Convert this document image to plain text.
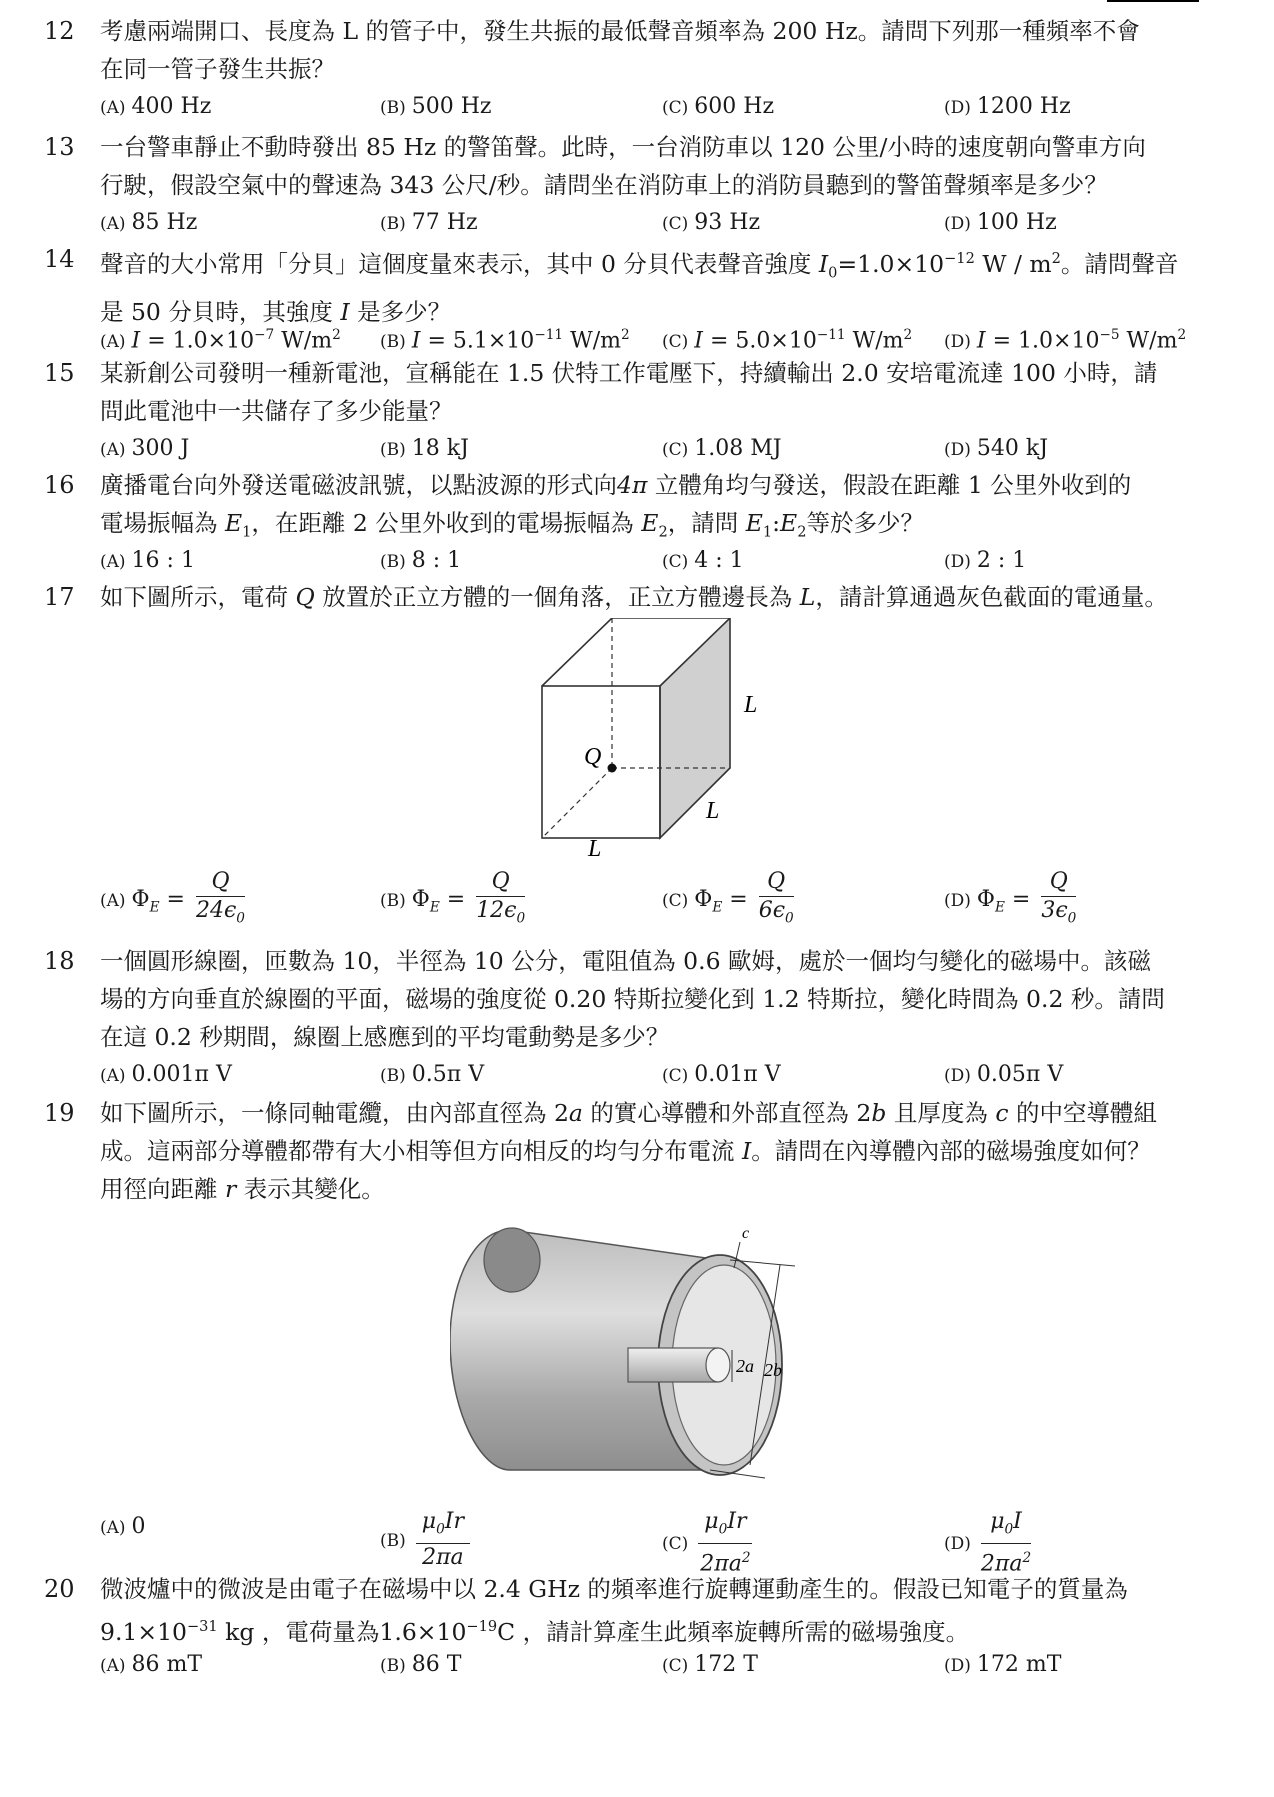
12 考慮兩端開口、長度為 L 的管子中，發生共振的最低聲音頻率為 200 Hz。請問下列那一種頻率不會
在同一管子發生共振？
(A) 400 Hz	(B) 500 Hz	(C) 600 Hz	(D) 1200 Hz
13 一台警車靜止不動時發出 85 Hz 的警笛聲。此時，一台消防車以 120 公里/小時的速度朝向警車方向
行駛，假設空氣中的聲速為 343 公尺/秒。請問坐在消防車上的消防員聽到的警笛聲頻率是多少？
(A) 85 Hz	(B) 77 Hz	(C) 93 Hz	(D) 100 Hz
14 聲音的大小常用「分貝」這個度量來表示，其中 0 分貝代表聲音強度 $I_0=1.0\times 10^{-12}$ W / $m^2$。請問聲音
是 50 分貝時，其強度 I 是多少？
(A) $I = 1.0\times 10^{-7}$ $W/m^2$ (B) $I = 5.1\times 10^{-11}$ $W/m^2$ (C) $I = 5.0\times 10^{-11}$ $W/m^2$ (D) $I = 1.0\times 10^{-5}$ $W/m^2$
15 某新創公司發明一種新電池，宣稱能在 1.5 伏特工作電壓下，持續輸出 2.0 安培電流達 100 小時，請
問此電池中一共儲存了多少能量？
(A) 300 J	(B) 18 kJ	(C) 1.08 MJ	(D) 540 kJ
16 廣播電台向外發送電磁波訊號，以點波源的形式向4π 立體角均勻發送，假設在距離 1 公里外收到的
電場振幅為 $E_1$，在距離 2 公里外收到的電場振幅為 $E_2$，請問 $E_1:E_2$等於多少？
(A) 16 : 1	(B) 8 : 1	(C) 4 : 1	(D) 2 : 1
17 如下圖所示，電荷 Q 放置於正立方體的一個角落，正立方體邊長為 L，請計算通過灰色截面的電通量。
Q
L
L
L
(A) $\Phi_E = \frac{Q}{24\epsilon_0}$	(B) $\Phi_E = \frac{Q}{12\epsilon_0}$	(C) $\Phi_E = \frac{Q}{6\epsilon_0}$	(D) $\Phi_E = \frac{Q}{3\epsilon_0}$
18 一個圓形線圈，匝數為 10，半徑為 10 公分，電阻值為 0.6 歐姆，處於一個均勻變化的磁場中。該磁
場的方向垂直於線圈的平面，磁場的強度從 0.20 特斯拉變化到 1.2 特斯拉，變化時間為 0.2 秒。請問
在這 0.2 秒期間，線圈上感應到的平均電動勢是多少？
(A) 0.001π V	(B) 0.5π V	(C) 0.01π V	(D) 0.05π V
19 如下圖所示，一條同軸電纜，由內部直徑為 2a 的實心導體和外部直徑為 2b 且厚度為 c 的中空導體組
成。這兩部分導體都帶有大小相等但方向相反的均勻分布電流 I。請問在內導體內部的磁場強度如何？
用徑向距離 r 表示其變化。
2a 2b
c
(A) 0
$(B) \frac{\mu_0Ir}{2\pi a}$	$(C) \frac{\mu_0Ir}{2\pi a^2}$	$(D) \frac{\mu_0I}{2\pi a^2}$
20 微波爐中的微波是由電子在磁場中以 2.4 GHz 的頻率進行旋轉運動產生的。假設已知電子的質量為
$9.1\times 10^{-31}$ kg ，電荷量為$1.6\times 10^{-19}C$ ，請計算產生此頻率旋轉所需的磁場強度。
(A) 86 mT	(B) 86 T	(C) 172 T	(D) 172 mT
